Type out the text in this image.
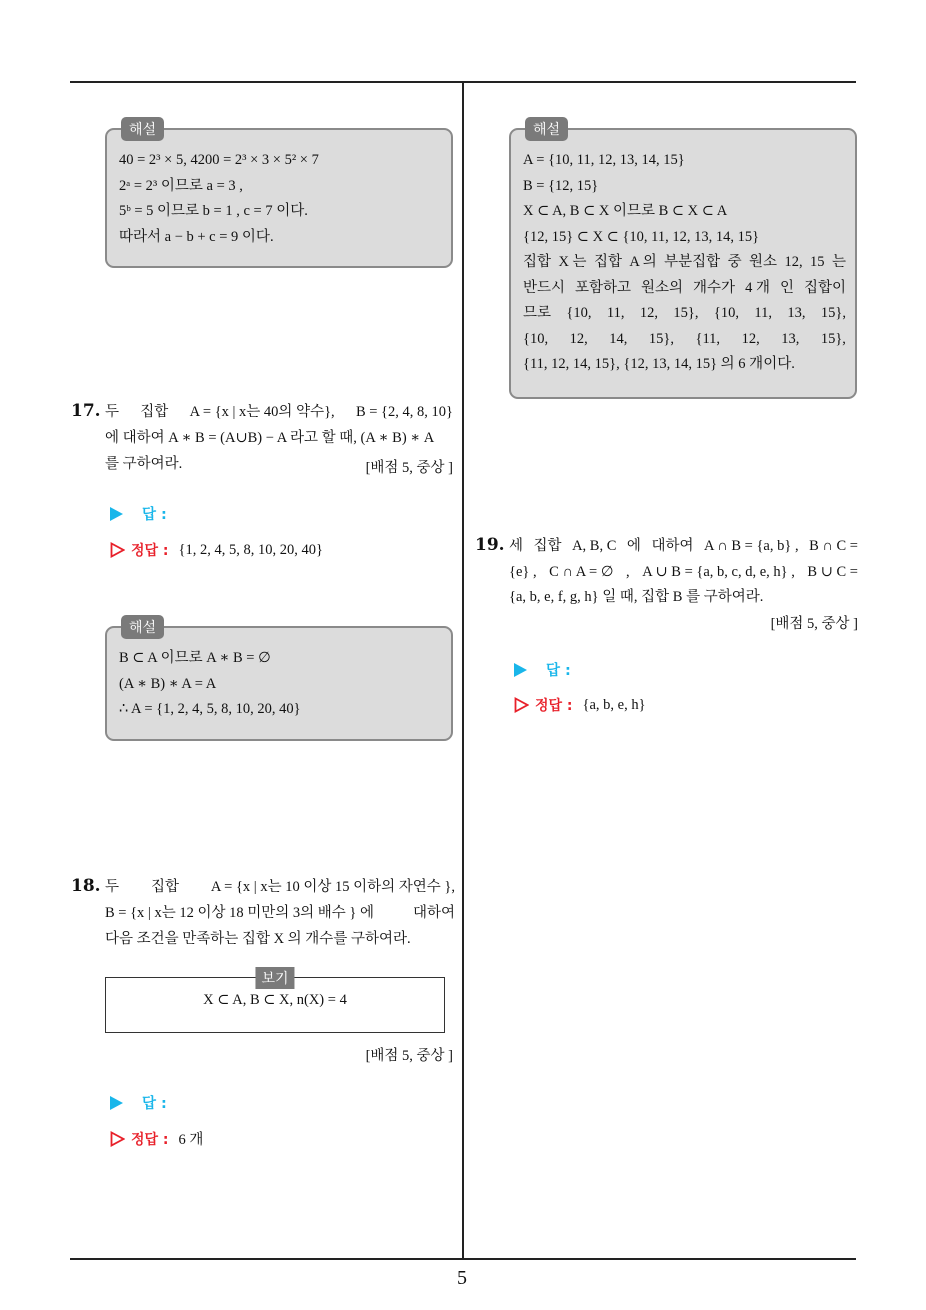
해설
40 = 2³ × 5, 4200 = 2³ × 3 × 5² × 7
2ᵃ = 2³ 이므로 a = 3 ,
5ᵇ = 5 이므로 b = 1 , c = 7 이다.
따라서 a − b + c = 9 이다.
17. 두 집합 A = {x | x는 40의 약수}, B = {2, 4, 8, 10}
에 대하여 A ∗ B = (A∪B) − A 라고 할 때, (A ∗ B) ∗ A
를 구하여라.	[배점 5, 중상 ]
답 :
정답 : {1, 2, 4, 5, 8, 10, 20, 40}
해설
B ⊂ A 이므로 A ∗ B = ∅
(A ∗ B) ∗ A = A
∴ A = {1, 2, 4, 5, 8, 10, 20, 40}
18. 두 집합 A = {x | x는 10 이상 15 이하의 자연수 },
B = {x | x는 12 이상 18 미만의 3의 배수 } 에	대하여
다음 조건을 만족하는 집합 X 의 개수를 구하여라.
보기
X ⊂ A, B ⊂ X, n(X) = 4
[배점 5, 중상 ]
답 :
정답 : 6 개
해설
A = {10, 11, 12, 13, 14, 15}
B = {12, 15}
X ⊂ A, B ⊂ X 이므로 B ⊂ X ⊂ A
{12, 15} ⊂ X ⊂ {10, 11, 12, 13, 14, 15}
집합 X 는 집합 A 의 부분집합 중 원소 12, 15 는
반드시 포함하고 원소의 개수가 4 개 인 집합이
므로 {10, 11, 12, 15}, {10, 11, 13, 15},
{10, 12, 14, 15}, {11, 12, 13, 15},
{11, 12, 14, 15}, {12, 13, 14, 15} 의 6 개이다.
19. 세 집합 A, B, C 에 대하여 A ∩ B = {a, b} , B ∩ C =
{e} , C ∩ A = ∅ , A ∪ B = {a, b, c, d, e, h} , B ∪ C =
{a, b, e, f, g, h} 일 때, 집합 B 를 구하여라.
[배점 5, 중상 ]
답 :
정답 : {a, b, e, h}
5
